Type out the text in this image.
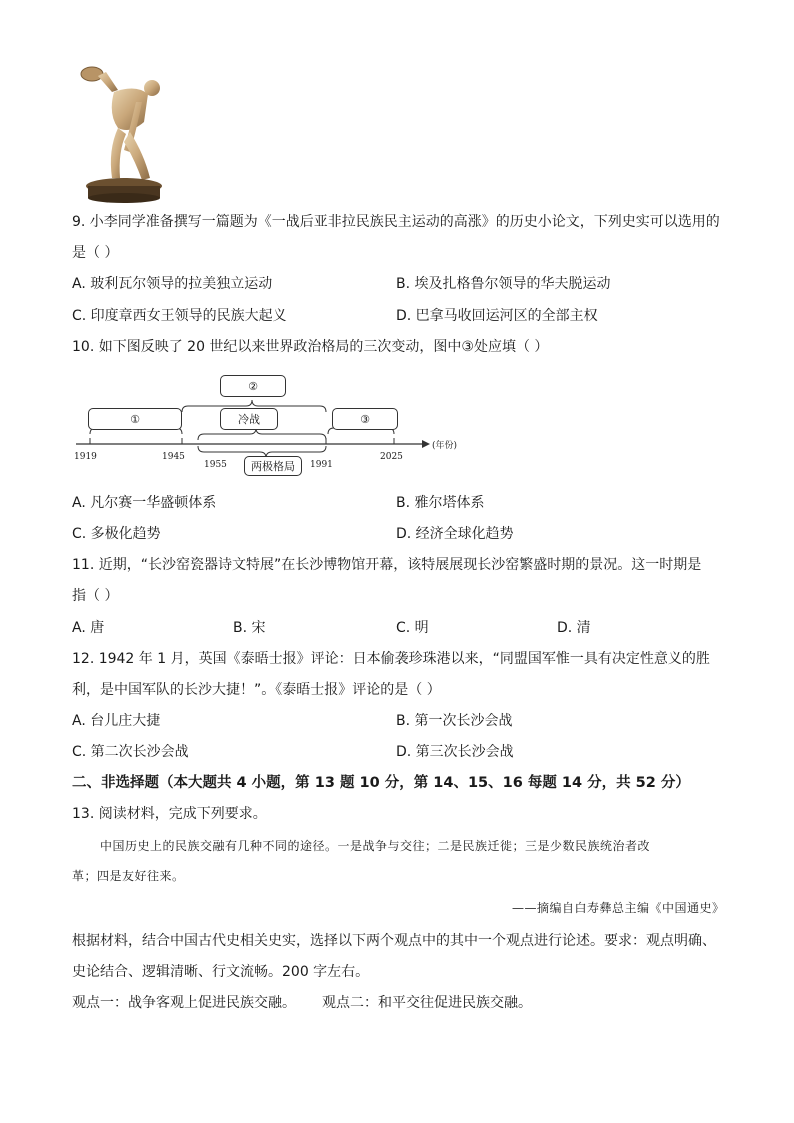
9. 小李同学准备撰写一篇题为《一战后亚非拉民族民主运动的高涨》的历史小论文，下列史实可以选用的
是（ ）
A. 玻利瓦尔领导的拉美独立运动	B. 埃及扎格鲁尔领导的华夫脱运动
C. 印度章西女王领导的民族大起义	D. 巴拿马收回运河区的全部主权
10. 如下图反映了 20 世纪以来世界政治格局的三次变动，图中③处应填（ ）
①
②
冷战	③
两极格局
(年份)
1919	1945
1955	1991
2025
A. 凡尔赛一华盛顿体系	B. 雅尔塔体系
C. 多极化趋势	D. 经济全球化趋势
11. 近期，“长沙窑瓷器诗文特展”在长沙博物馆开幕，该特展展现长沙窑繁盛时期的景况。这一时期是
指（ ）
A. 唐	B. 宋	C. 明	D. 清
12. 1942 年 1 月，英国《泰晤士报》评论：日本偷袭珍珠港以来，“同盟国军惟一具有决定性意义的胜
利，是中国军队的长沙大捷！”。《泰晤士报》评论的是（ ）
A. 台儿庄大捷	B. 第一次长沙会战
C. 第二次长沙会战	D. 第三次长沙会战
二、非选择题（本大题共 4 小题，第 13 题 10 分，第 14、15、16 每题 14 分，共 52 分）
13. 阅读材料，完成下列要求。
中国历史上的民族交融有几种不同的途径。一是战争与交往；二是民族迁徙；三是少数民族统治者改
革；四是友好往来。
——摘编自白寿彝总主编《中国通史》
根据材料，结合中国古代史相关史实，选择以下两个观点中的其中一个观点进行论述。要求：观点明确、
史论结合、逻辑清晰、行文流畅。200 字左右。
观点一：战争客观上促进民族交融。 观点二：和平交往促进民族交融。
